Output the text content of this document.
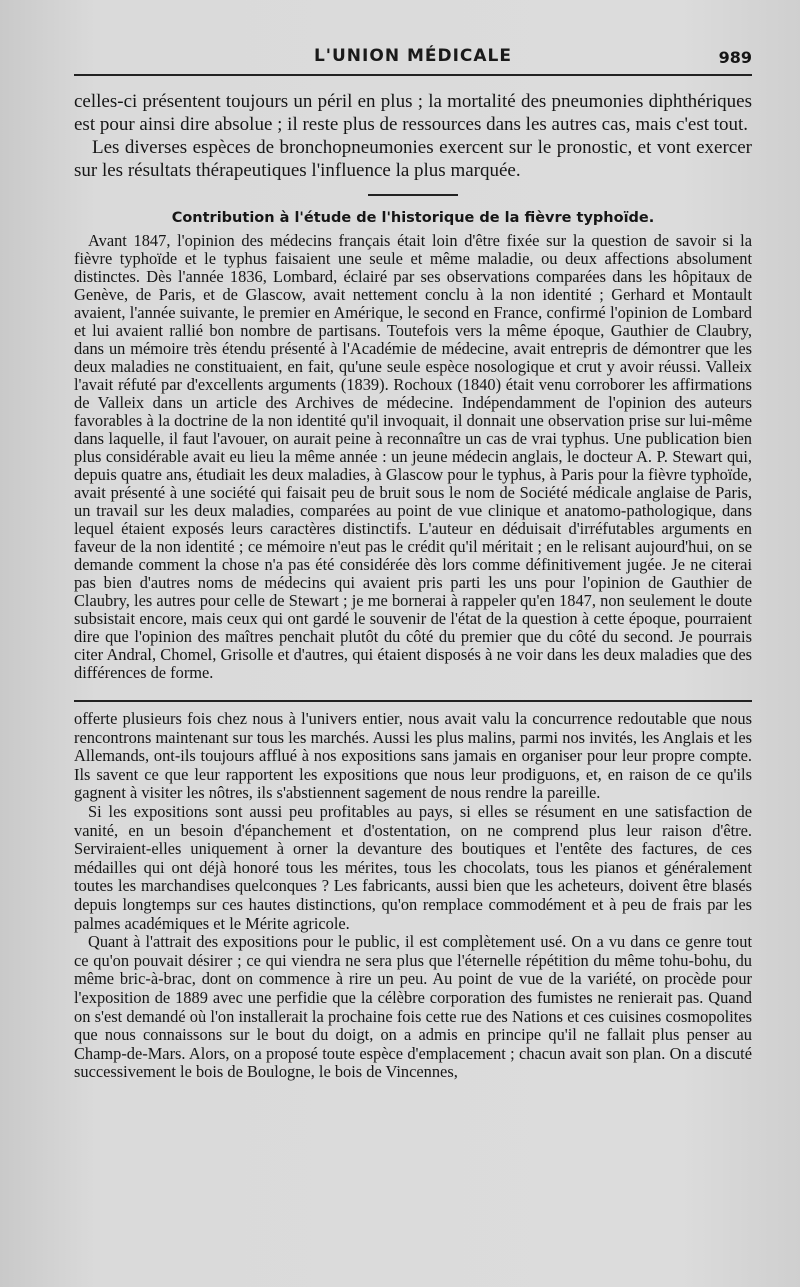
L'UNION MÉDICALE	989

celles-ci présentent toujours un péril en plus ; la mortalité des pneumonies diphthériques est pour ainsi dire absolue ; il reste plus de ressources dans les autres cas, mais c'est tout.

Les diverses espèces de bronchopneumonies exercent sur le pronostic, et vont exercer sur les résultats thérapeutiques l'influence la plus marquée.

Contribution à l'étude de l'historique de la fièvre typhoïde.

Avant 1847, l'opinion des médecins français était loin d'être fixée sur la question de savoir si la fièvre typhoïde et le typhus faisaient une seule et même maladie, ou deux affections absolument distinctes. Dès l'année 1836, Lombard, éclairé par ses observations comparées dans les hôpitaux de Genève, de Paris, et de Glascow, avait nettement conclu à la non identité ; Gerhard et Montault avaient, l'année suivante, le premier en Amérique, le second en France, confirmé l'opinion de Lombard et lui avaient rallié bon nombre de partisans. Toutefois vers la même époque, Gauthier de Claubry, dans un mémoire très étendu présenté à l'Académie de médecine, avait entrepris de démontrer que les deux maladies ne constituaient, en fait, qu'une seule espèce nosologique et crut y avoir réussi. Valleix l'avait réfuté par d'excellents arguments (1839). Rochoux (1840) était venu corroborer les affirmations de Valleix dans un article des Archives de médecine. Indépendamment de l'opinion des auteurs favorables à la doctrine de la non identité qu'il invoquait, il donnait une observation prise sur lui-même dans laquelle, il faut l'avouer, on aurait peine à reconnaître un cas de vrai typhus. Une publication bien plus considérable avait eu lieu la même année : un jeune médecin anglais, le docteur A. P. Stewart qui, depuis quatre ans, étudiait les deux maladies, à Glascow pour le typhus, à Paris pour la fièvre typhoïde, avait présenté à une société qui faisait peu de bruit sous le nom de Société médicale anglaise de Paris, un travail sur les deux maladies, comparées au point de vue clinique et anatomo-pathologique, dans lequel étaient exposés leurs caractères distinctifs. L'auteur en déduisait d'irréfutables arguments en faveur de la non identité ; ce mémoire n'eut pas le crédit qu'il méritait ; en le relisant aujourd'hui, on se demande comment la chose n'a pas été considérée dès lors comme définitivement jugée. Je ne citerai pas bien d'autres noms de médecins qui avaient pris parti les uns pour l'opinion de Gauthier de Claubry, les autres pour celle de Stewart ; je me bornerai à rappeler qu'en 1847, non seulement le doute subsistait encore, mais ceux qui ont gardé le souvenir de l'état de la question à cette époque, pourraient dire que l'opinion des maîtres penchait plutôt du côté du premier que du côté du second. Je pourrais citer Andral, Chomel, Grisolle et d'autres, qui étaient disposés à ne voir dans les deux maladies que des différences de forme.

offerte plusieurs fois chez nous à l'univers entier, nous avait valu la concurrence redoutable que nous rencontrons maintenant sur tous les marchés. Aussi les plus malins, parmi nos invités, les Anglais et les Allemands, ont-ils toujours afflué à nos expositions sans jamais en organiser pour leur propre compte. Ils savent ce que leur rapportent les expositions que nous leur prodiguons, et, en raison de ce qu'ils gagnent à visiter les nôtres, ils s'abstiennent sagement de nous rendre la pareille.

Si les expositions sont aussi peu profitables au pays, si elles se résument en une satisfaction de vanité, en un besoin d'épanchement et d'ostentation, on ne comprend plus leur raison d'être. Serviraient-elles uniquement à orner la devanture des boutiques et l'entête des factures, de ces médailles qui ont déjà honoré tous les mérites, tous les chocolats, tous les pianos et généralement toutes les marchandises quelconques ? Les fabricants, aussi bien que les acheteurs, doivent être blasés depuis longtemps sur ces hautes distinctions, qu'on remplace commodément et à peu de frais par les palmes académiques et le Mérite agricole.

Quant à l'attrait des expositions pour le public, il est complètement usé. On a vu dans ce genre tout ce qu'on pouvait désirer ; ce qui viendra ne sera plus que l'éternelle répétition du même tohu-bohu, du même bric-à-brac, dont on commence à rire un peu. Au point de vue de la variété, on procède pour l'exposition de 1889 avec une perfidie que la célèbre corporation des fumistes ne renierait pas. Quand on s'est demandé où l'on installerait la prochaine fois cette rue des Nations et ces cuisines cosmopolites que nous connaissons sur le bout du doigt, on a admis en principe qu'il ne fallait plus penser au Champ-de-Mars. Alors, on a proposé toute espèce d'emplacement ; chacun avait son plan. On a discuté successivement le bois de Boulogne, le bois de Vincennes,
